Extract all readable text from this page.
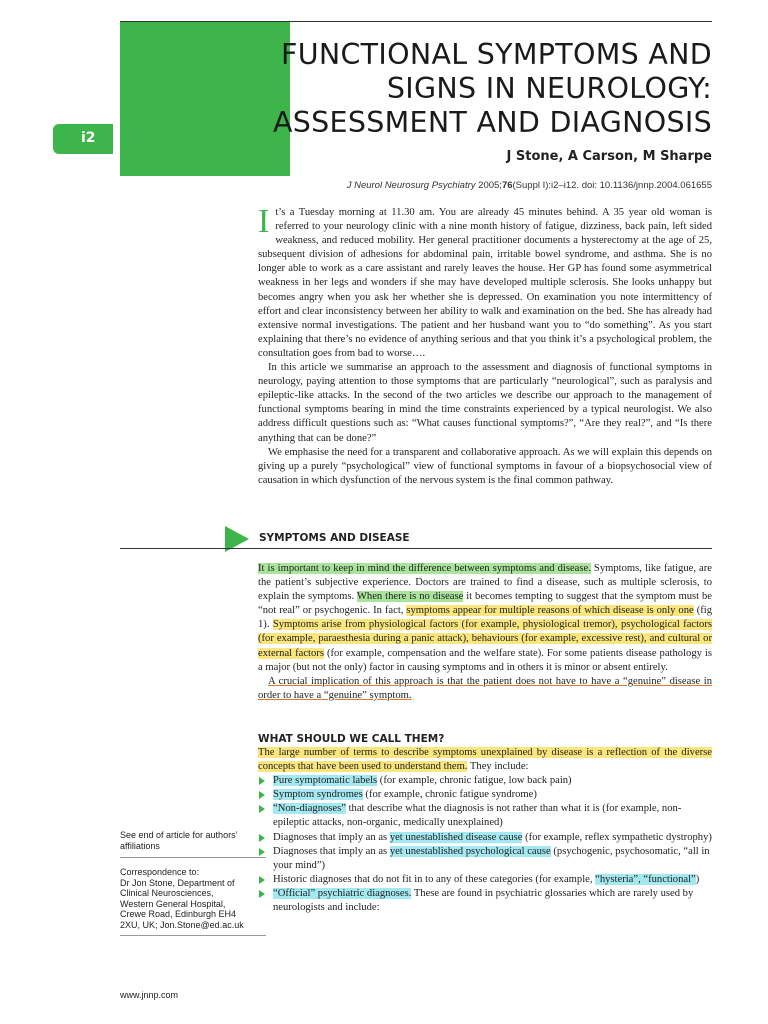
i2
FUNCTIONAL SYMPTOMS AND
SIGNS IN NEUROLOGY:
ASSESSMENT AND DIAGNOSIS
J Stone, A Carson, M Sharpe
J Neurol Neurosurg Psychiatry 2005;76(Suppl I):i2–i12. doi: 10.1136/jnnp.2004.061655

It’s a Tuesday morning at 11.30 am. You are already 45 minutes behind. A 35 year old woman is referred to your neurology clinic with a nine month history of fatigue, dizziness, back pain, left sided weakness, and reduced mobility. Her general practitioner documents a hysterectomy at the age of 25, subsequent division of adhesions for abdominal pain, irritable bowel syndrome, and asthma. She is no longer able to work as a care assistant and rarely leaves the house. Her GP has found some asymmetrical weakness in her legs and wonders if she may have developed multiple sclerosis. She looks unhappy but becomes angry when you ask her whether she is depressed. On examination you note intermittency of effort and clear inconsistency between her ability to walk and examination on the bed. She has already had extensive normal investigations. The patient and her husband want you to “do something”. As you start explaining that there’s no evidence of anything serious and that you think it’s a psychological problem, the consultation goes from bad to worse….

In this article we summarise an approach to the assessment and diagnosis of functional symptoms in neurology, paying attention to those symptoms that are particularly “neurological”, such as paralysis and epileptic-like attacks. In the second of the two articles we describe our approach to the management of functional symptoms bearing in mind the time constraints experienced by a typical neurologist. We also address difficult questions such as: “What causes functional symptoms?”, “Are they real?”, and “Is there anything that can be done?”

We emphasise the need for a transparent and collaborative approach. As we will explain this depends on giving up a purely “psychological” view of functional symptoms in favour of a biopsychosocial view of causation in which dysfunction of the nervous system is the final common pathway.

SYMPTOMS AND DISEASE

It is important to keep in mind the difference between symptoms and disease. Symptoms, like fatigue, are the patient’s subjective experience. Doctors are trained to find a disease, such as multiple sclerosis, to explain the symptoms. When there is no disease it becomes tempting to suggest that the symptom must be “not real” or psychogenic. In fact, symptoms appear for multiple reasons of which disease is only one (fig 1). Symptoms arise from physiological factors (for example, physiological tremor), psychological factors (for example, paraesthesia during a panic attack), behaviours (for example, excessive rest), and cultural or external factors (for example, compensation and the welfare state). For some patients disease pathology is a major (but not the only) factor in causing symptoms and in others it is minor or absent entirely.

A crucial implication of this approach is that the patient does not have to have a “genuine” disease in order to have a “genuine” symptom.

WHAT SHOULD WE CALL THEM?

The large number of terms to describe symptoms unexplained by disease is a reflection of the diverse concepts that have been used to understand them. They include:

Pure symptomatic labels (for example, chronic fatigue, low back pain)
Symptom syndromes (for example, chronic fatigue syndrome)
“Non-diagnoses” that describe what the diagnosis is not rather than what it is (for example, non-epileptic attacks, non-organic, medically unexplained)
Diagnoses that imply an as yet unestablished disease cause (for example, reflex sympathetic dystrophy)
Diagnoses that imply an as yet unestablished psychological cause (psychogenic, psychosomatic, “all in your mind”)
Historic diagnoses that do not fit in to any of these categories (for example, “hysteria”, “functional”)
“Official” psychiatric diagnoses. These are found in psychiatric glossaries which are rarely used by neurologists and include:
See end of article for authors’ affiliations
Correspondence to:
Dr Jon Stone, Department of
Clinical Neurosciences,
Western General Hospital,
Crewe Road, Edinburgh EH4
2XU, UK; Jon.Stone@ed.ac.uk
www.jnnp.com
